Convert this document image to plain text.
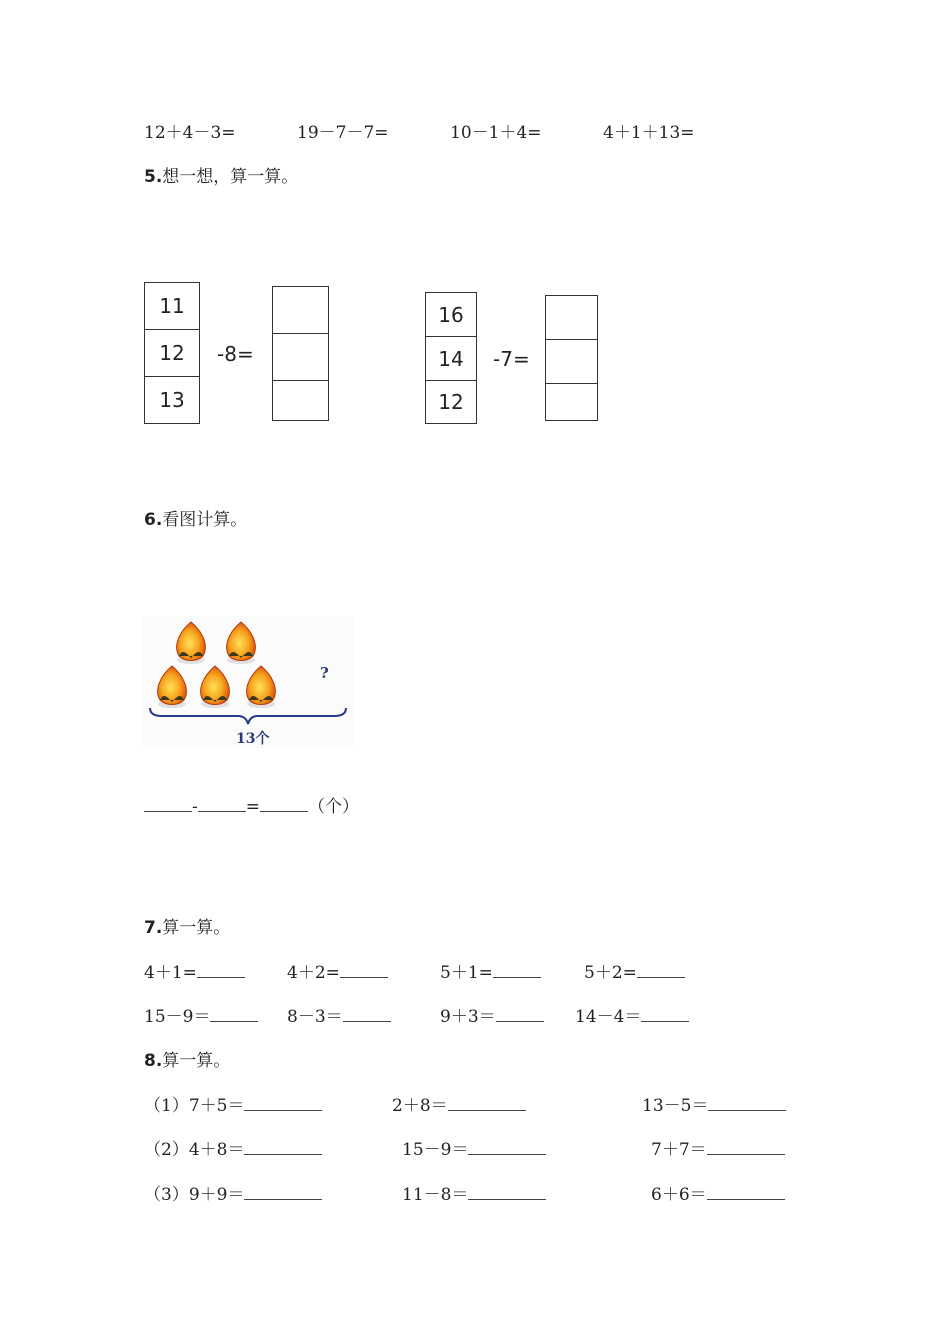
12＋4－3=	19－7－7=	10－1＋4=	4＋1＋13=
5.想一想，算一算。
11
12
13
-8=
16
14
12
-7=
6.看图计算。
?
13个
-	=	（个）
7.算一算。
4＋1=	4＋2=	5＋1=	5＋2=
15－9＝	8－3＝	9＋3＝	14－4＝
8.算一算。
（1）7＋5＝	2＋8＝	13－5＝
（2）4＋8＝	15－9＝	7＋7＝
（3）9＋9＝	11－8＝	6＋6＝
